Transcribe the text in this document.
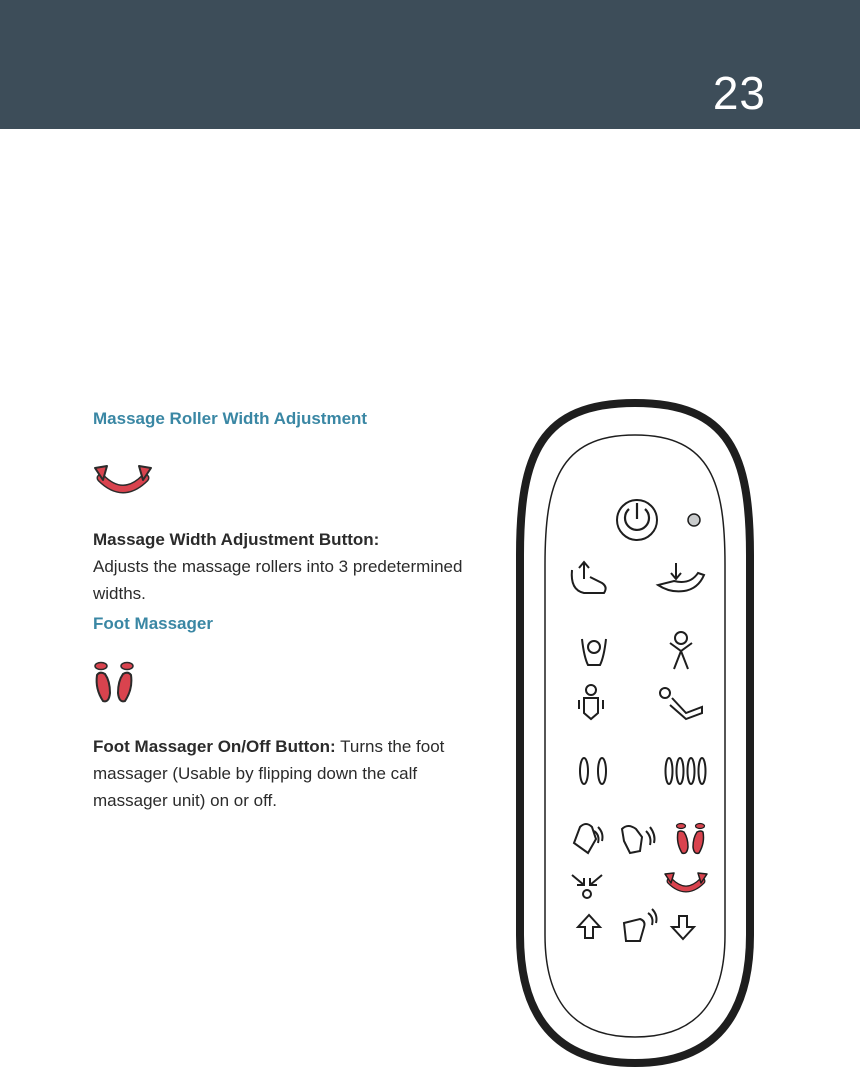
23
Massage Roller Width Adjustment
Massage Width Adjustment Button:
Adjusts the massage rollers into 3 predetermined widths.
Foot Massager
Foot Massager On/Off Button: Turns the foot massager (Usable by flipping down the calf massager unit) on or off.
